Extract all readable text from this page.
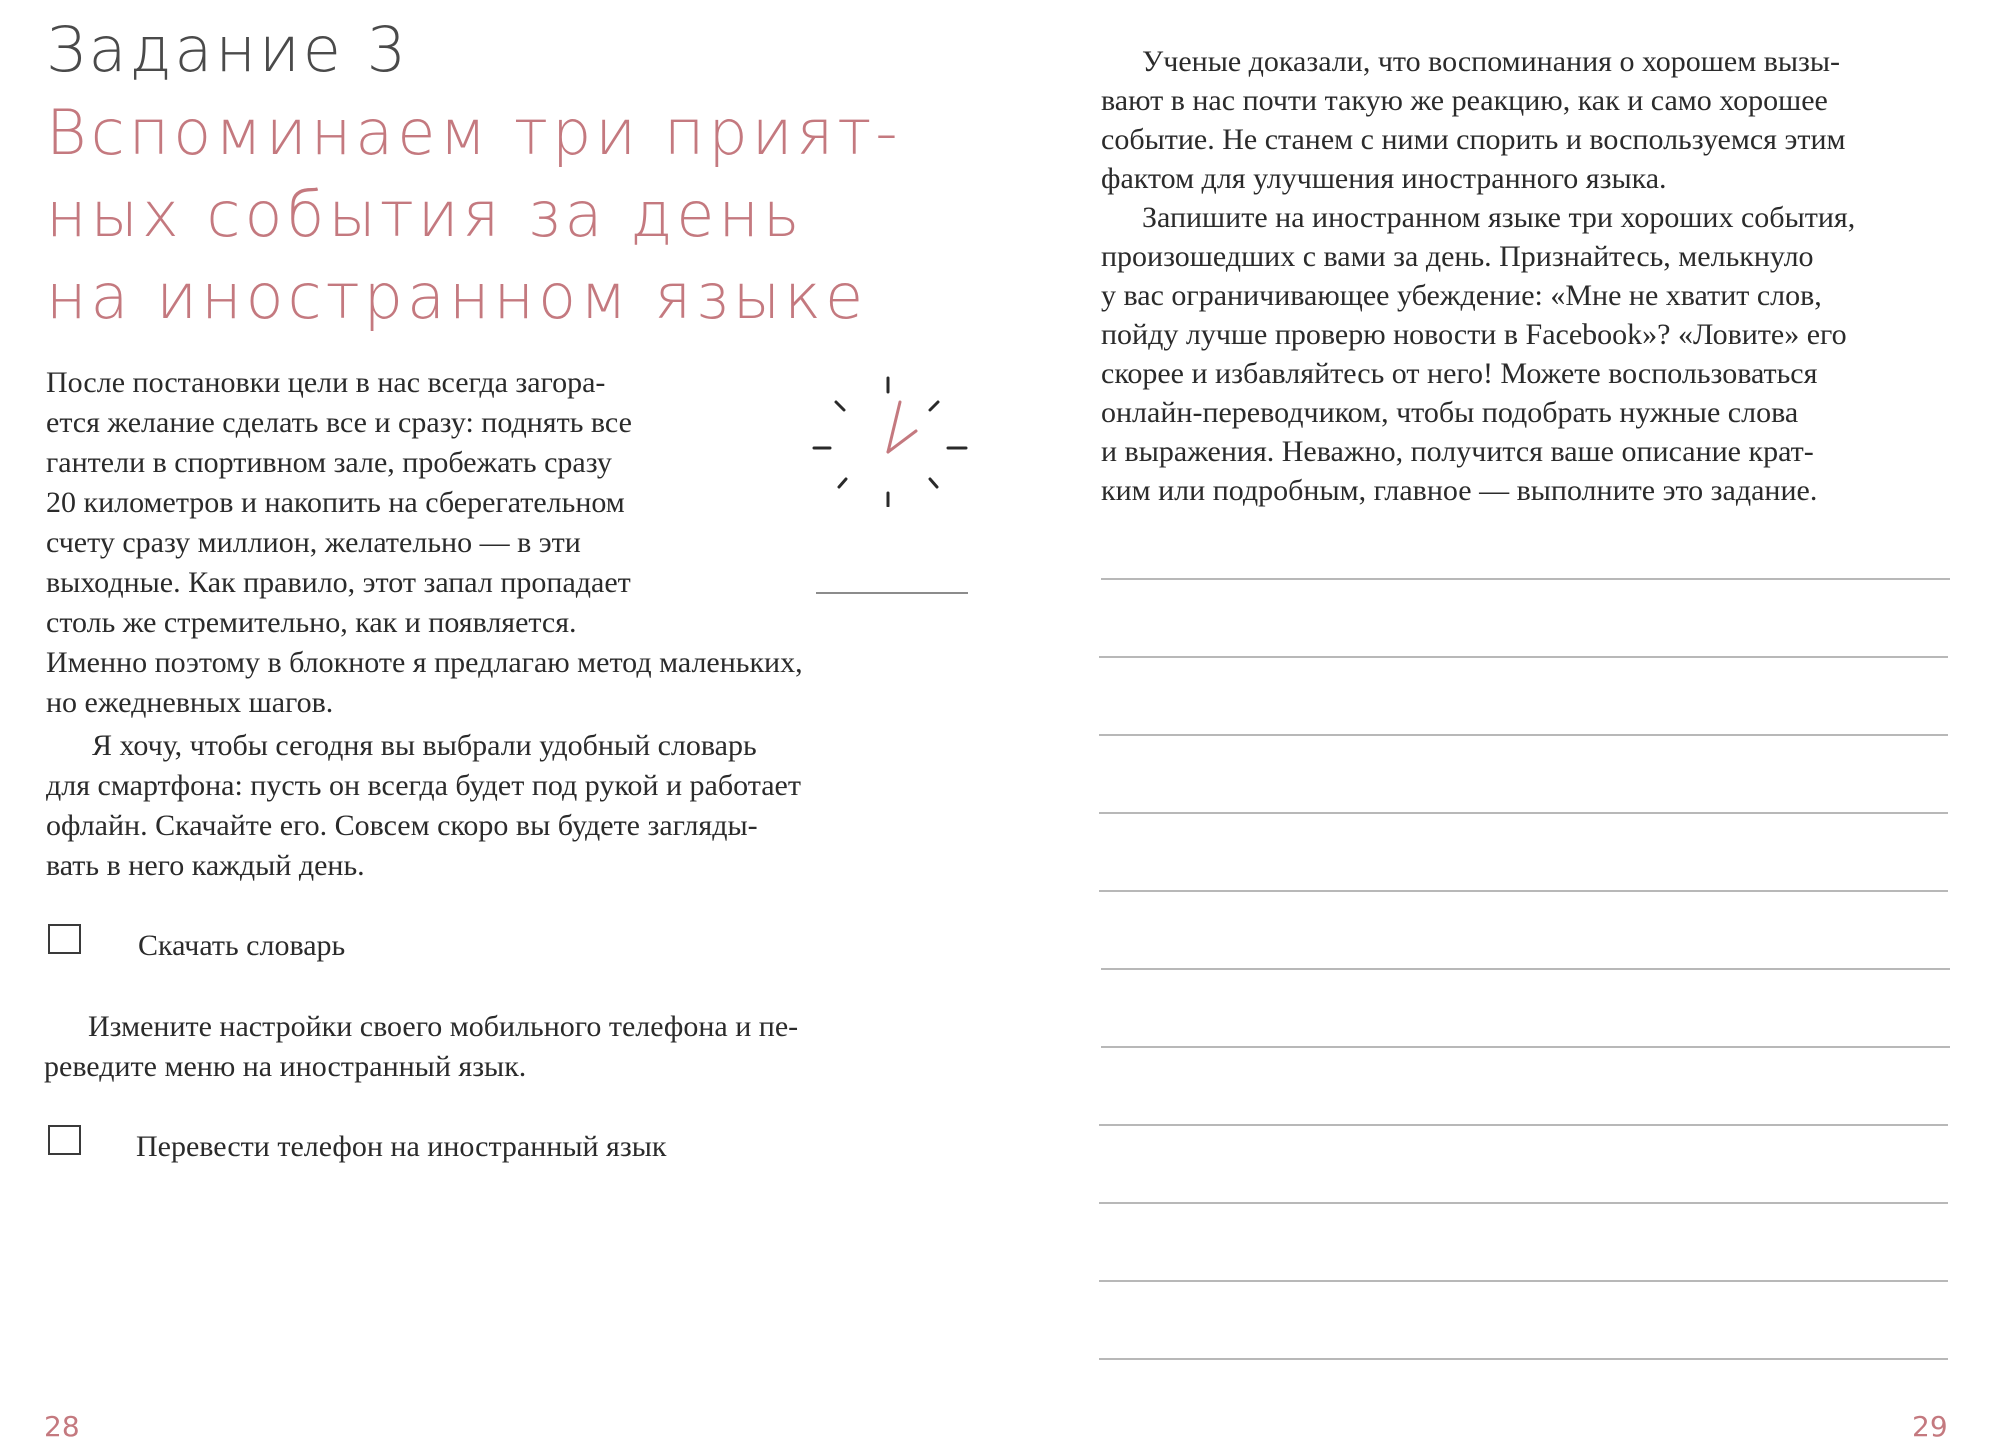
Задание 3
Вспоминаем три прият-
ных события за день
на иностранном языке

После постановки цели в нас всегда загора-

ется желание сделать все и сразу: поднять все

гантели в спортивном зале, пробежать сразу

20 километров и накопить на сберегательном

счету сразу миллион, желательно — в эти

выходные. Как правило, этот запал пропадает

столь же стремительно, как и появляется.

Именно поэтому в блокноте я предлагаю метод маленьких,

но ежедневных шагов.

Я хочу, чтобы сегодня вы выбрали удобный словарь

для смартфона: пусть он всегда будет под рукой и работает

офлайн. Скачайте его. Совсем скоро вы будете загляды-

вать в него каждый день.

Скачать словарь

Измените настройки своего мобильного телефона и пе-

реведите меню на иностранный язык.

Перевести телефон на иностранный язык
28

Ученые доказали, что воспоминания о хорошем вызы-

вают в нас почти такую же реакцию, как и само хорошее

событие. Не станем с ними спорить и воспользуемся этим

фактом для улучшения иностранного языка.

Запишите на иностранном языке три хороших события,

произошедших с вами за день. Признайтесь, мелькнуло

у вас ограничивающее убеждение: «Мне не хватит слов,

пойду лучше проверю новости в Facebook»? «Ловите» его

скорее и избавляйтесь от него! Можете воспользоваться

онлайн-переводчиком, чтобы подобрать нужные слова

и выражения. Неважно, получится ваше описание крат-

ким или подробным, главное — выполните это задание.

29
